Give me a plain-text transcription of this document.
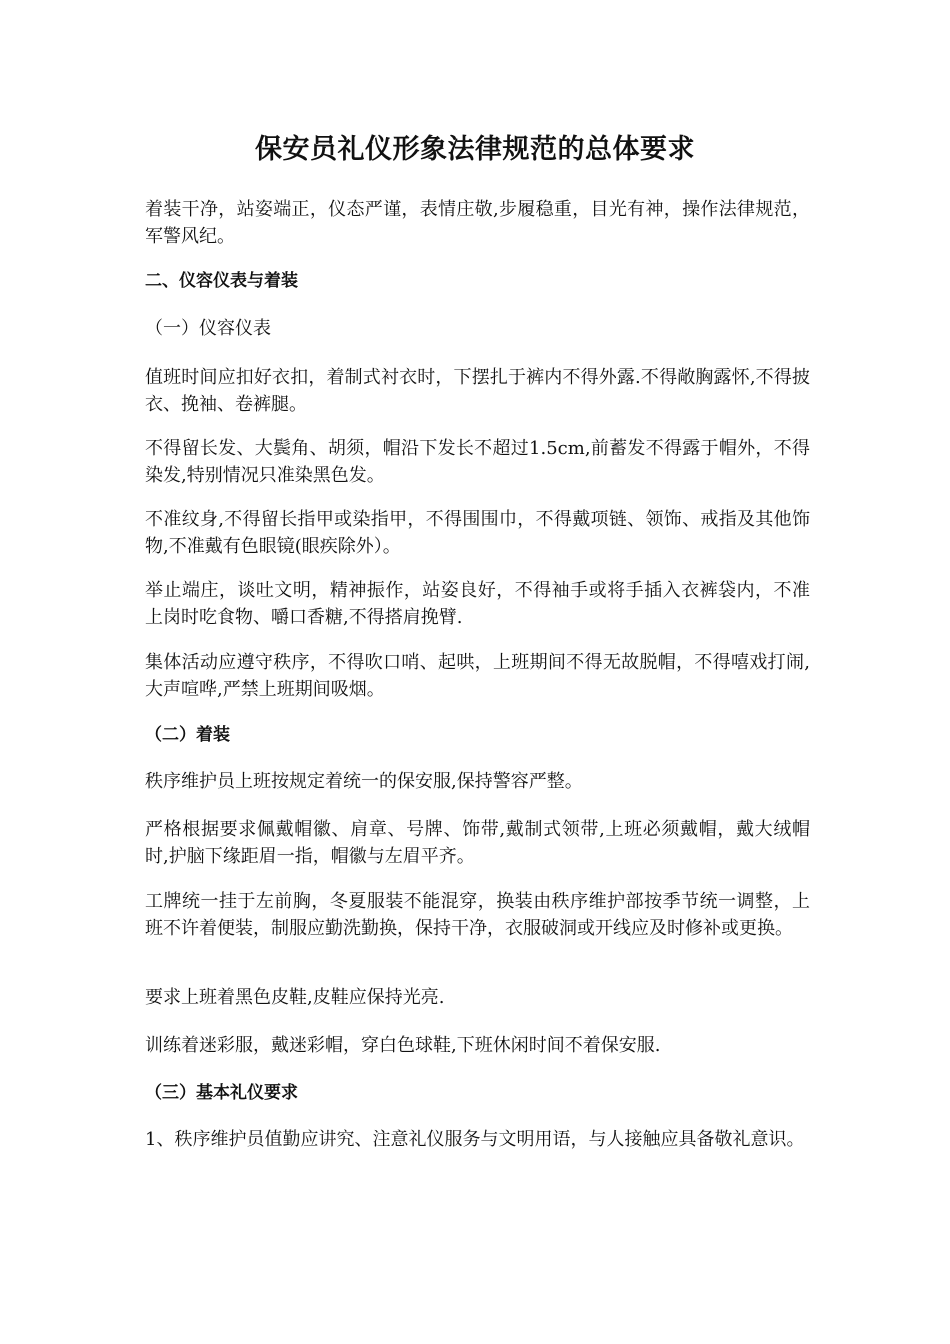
保安员礼仪形象法律规范的总体要求

着装干净，站姿端正，仪态严谨，表情庄敬,步履稳重，目光有神，操作法律规范，军警风纪。

二、仪容仪表与着装

（一）仪容仪表

值班时间应扣好衣扣，着制式衬衣时，下摆扎于裤内不得外露.不得敞胸露怀,不得披衣、挽袖、卷裤腿。

不得留长发、大鬓角、胡须，帽沿下发长不超过1.5cm,前蓄发不得露于帽外，不得染发,特别情况只准染黑色发。

不准纹身,不得留长指甲或染指甲，不得围围巾，不得戴项链、领饰、戒指及其他饰物,不准戴有色眼镜(眼疾除外）。

举止端庄，谈吐文明，精神振作，站姿良好，不得袖手或将手插入衣裤袋内，不准上岗时吃食物、嚼口香糖,不得搭肩挽臂.

集体活动应遵守秩序，不得吹口哨、起哄，上班期间不得无故脱帽，不得嘻戏打闹,大声喧哗,严禁上班期间吸烟。

（二）着装

秩序维护员上班按规定着统一的保安服,保持警容严整。

严格根据要求佩戴帽徽、肩章、号牌、饰带,戴制式领带,上班必须戴帽，戴大绒帽时,护脑下缘距眉一指，帽徽与左眉平齐。

工牌统一挂于左前胸，冬夏服装不能混穿，换装由秩序维护部按季节统一调整，上班不许着便装，制服应勤洗勤换，保持干净，衣服破洞或开线应及时修补或更换。

要求上班着黑色皮鞋,皮鞋应保持光亮.

训练着迷彩服，戴迷彩帽，穿白色球鞋,下班休闲时间不着保安服.

（三）基本礼仪要求

1、秩序维护员值勤应讲究、注意礼仪服务与文明用语，与人接触应具备敬礼意识。
